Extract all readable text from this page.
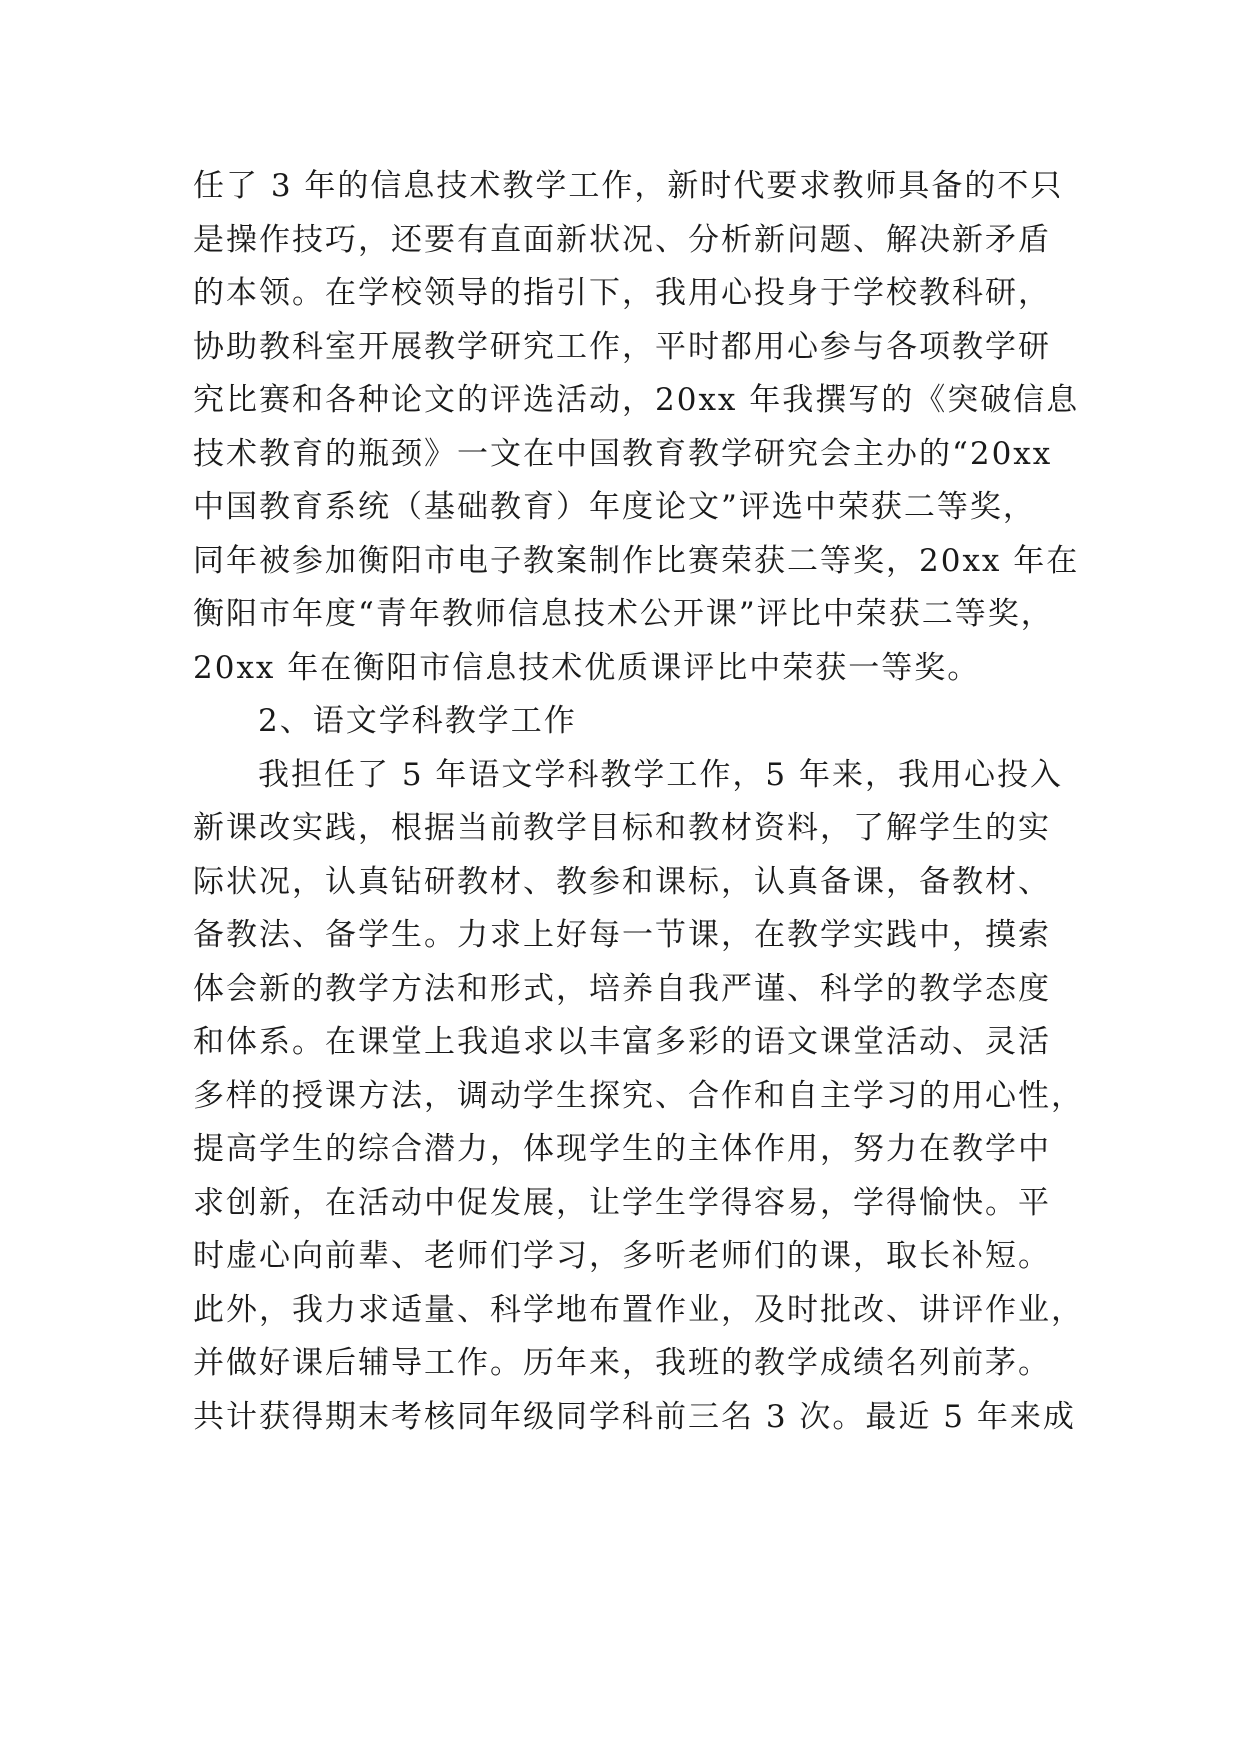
任了 3 年的信息技术教学工作，新时代要求教师具备的不只

是操作技巧，还要有直面新状况、分析新问题、解决新矛盾

的本领。在学校领导的指引下，我用心投身于学校教科研，

协助教科室开展教学研究工作，平时都用心参与各项教学研

究比赛和各种论文的评选活动，20xx 年我撰写的《突破信息

技术教育的瓶颈》一文在中国教育教学研究会主办的“20xx

中国教育系统（基础教育）年度论文”评选中荣获二等奖，

同年被参加衡阳市电子教案制作比赛荣获二等奖，20xx 年在

衡阳市年度“青年教师信息技术公开课”评比中荣获二等奖，

20xx 年在衡阳市信息技术优质课评比中荣获一等奖。

2、语文学科教学工作

我担任了 5 年语文学科教学工作，5 年来，我用心投入

新课改实践，根据当前教学目标和教材资料，了解学生的实

际状况，认真钻研教材、教参和课标，认真备课，备教材、

备教法、备学生。力求上好每一节课，在教学实践中，摸索

体会新的教学方法和形式，培养自我严谨、科学的教学态度

和体系。在课堂上我追求以丰富多彩的语文课堂活动、灵活

多样的授课方法，调动学生探究、合作和自主学习的用心性，

提高学生的综合潜力，体现学生的主体作用，努力在教学中

求创新，在活动中促发展，让学生学得容易，学得愉快。平

时虚心向前辈、老师们学习，多听老师们的课，取长补短。

此外，我力求适量、科学地布置作业，及时批改、讲评作业，

并做好课后辅导工作。历年来，我班的教学成绩名列前茅。

共计获得期末考核同年级同学科前三名 3 次。最近 5 年来成
